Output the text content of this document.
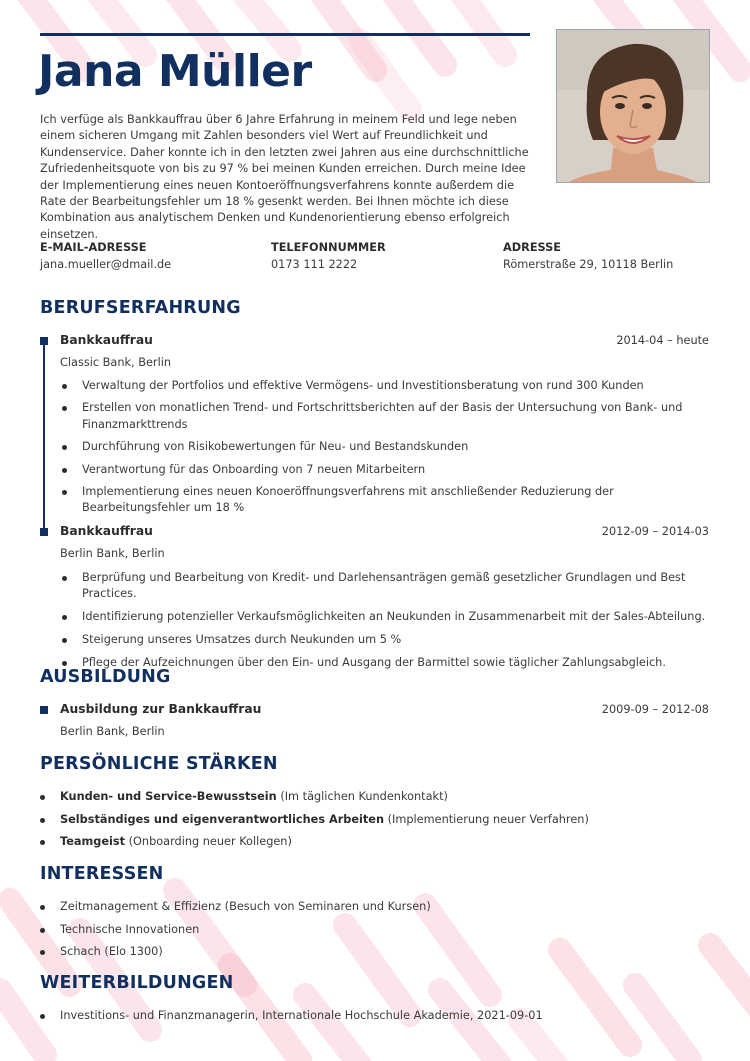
Jana Müller

Ich verfüge als Bankkauffrau über 6 Jahre Erfahrung in meinem Feld und lege neben einem sicheren Umgang mit Zahlen besonders viel Wert auf Freundlichkeit und Kundenservice. Daher konnte ich in den letzten zwei Jahren aus eine durchschnittliche Zufriedenheitsquote von bis zu 97 % bei meinen Kunden erreichen. Durch meine Idee der Implementierung eines neuen Kontoeröffnungsverfahrens konnte außerdem die Rate der Bearbeitungsfehler um 18 % gesenkt werden. Bei Ihnen möchte ich diese Kombination aus analytischem Denken und Kundenorientierung ebenso erfolgreich einsetzen.

E-MAIL-ADRESSE
jana.mueller@dmail.de
TELEFONNUMMER
0173 111 2222
ADRESSE
Römerstraße 29, 10118 Berlin
BERUFSERFAHRUNG
Bankkauffrau	2014-04 – heute
Classic Bank, Berlin
Verwaltung der Portfolios und effektive Vermögens- und Investitionsberatung von rund 300 Kunden
Erstellen von monatlichen Trend- und Fortschrittsberichten auf der Basis der Untersuchung von Bank- und Finanzmarkttrends
Durchführung von Risikobewertungen für Neu- und Bestandskunden
Verantwortung für das Onboarding von 7 neuen Mitarbeitern
Implementierung eines neuen Konoeröffnungsverfahrens mit anschließender Reduzierung der Bearbeitungsfehler um 18 %
Bankkauffrau	2012-09 – 2014-03
Berlin Bank, Berlin
Berprüfung und Bearbeitung von Kredit- und Darlehensanträgen gemäß gesetzlicher Grundlagen und Best Practices.
Identifizierung potenzieller Verkaufsmöglichkeiten an Neukunden in Zusammenarbeit mit der Sales-Abteilung.
Steigerung unseres Umsatzes durch Neukunden um 5 %
Pflege der Aufzeichnungen über den Ein- und Ausgang der Barmittel sowie täglicher Zahlungsabgleich.
AUSBILDUNG
Ausbildung zur Bankkauffrau	2009-09 – 2012-08
Berlin Bank, Berlin
PERSÖNLICHE STÄRKEN
Kunden- und Service-Bewusstsein (Im täglichen Kundenkontakt)
Selbständiges und eigenverantwortliches Arbeiten (Implementierung neuer Verfahren)
Teamgeist (Onboarding neuer Kollegen)
INTERESSEN
Zeitmanagement & Effizienz (Besuch von Seminaren und Kursen)
Technische Innovationen
Schach (Elo 1300)
WEITERBILDUNGEN
Investitions- und Finanzmanagerin, Internationale Hochschule Akademie, 2021-09-01
